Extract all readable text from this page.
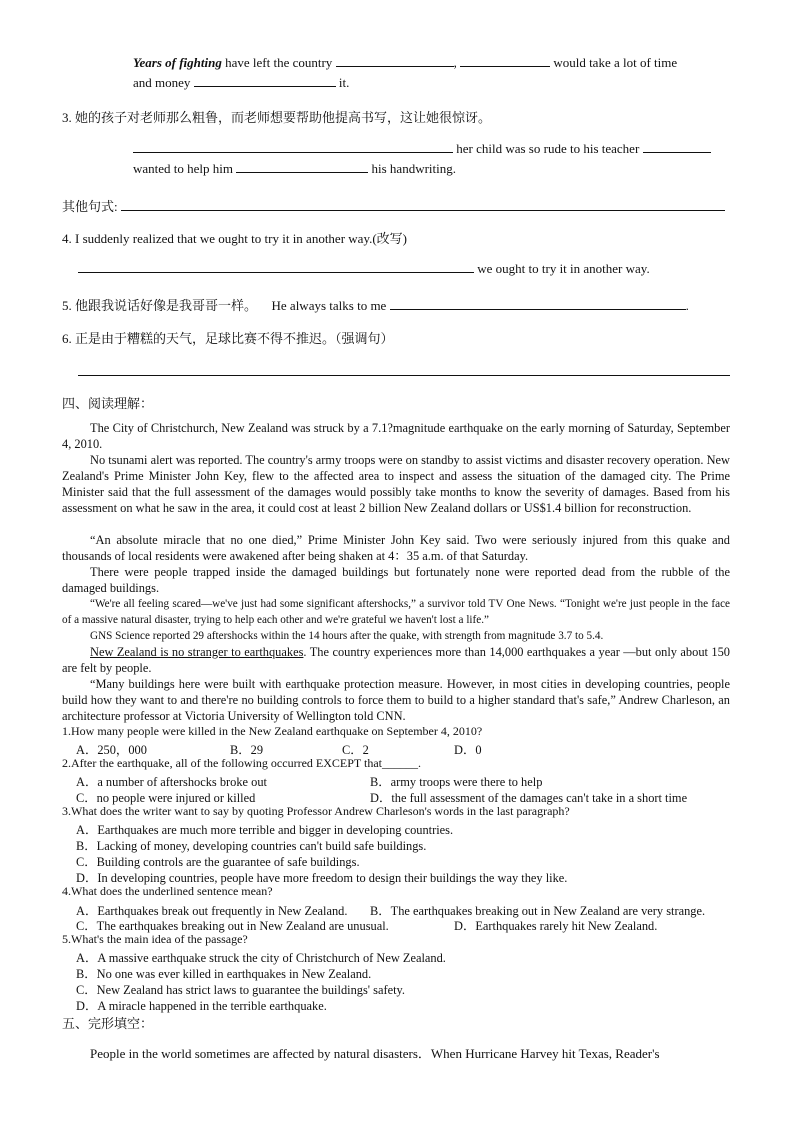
Years of fighting have left the country	,	would take a lot of time
and money	it.
3. 她的孩子对老师那么粗鲁，而老师想要帮助他提高书写，这让她很惊讶。
her child was so rude to his teacher
wanted to help him	his handwriting.
其他句式:
4. I suddenly realized that we ought to try it in another way.(改写)
we ought to try it in another way.
5. 他跟我说话好像是我哥哥一样。 He always talks to me	.
6. 正是由于糟糕的天气，足球比赛不得不推迟。（强调句）
四、阅读理解：
The City of Christchurch, New Zealand was struck by a 7.1?magnitude earthquake on the early morning of Saturday, September 4, 2010.
No tsunami alert was reported. The country's army troops were on standby to assist victims and disaster recovery operation. New Zealand's Prime Minister John Key, flew to the affected area to inspect and assess the situation of the damaged city. The Prime Minister said that the full assessment of the damages would possibly take months to know the severity of damages. Based from his assessment on what he saw in the area, it could cost at least 2 billion New Zealand dollars or US$1.4 billion for reconstruction.
“An absolute miracle that no one died,” Prime Minister John Key said. Two were seriously injured from this quake and thousands of local residents were awakened after being shaken at 4：35 a.m. of that Saturday.
There were people trapped inside the damaged buildings but fortunately none were reported dead from the rubble of the damaged buildings.
“We're all feeling scared—we've just had some significant aftershocks,” a survivor told TV One News. “Tonight we're just people in the face of a massive natural disaster, trying to help each other and we're grateful we haven't lost a life.”
GNS Science reported 29 aftershocks within the 14 hours after the quake, with strength from magnitude 3.7 to 5.4.
New Zealand is no stranger to earthquakes. The country experiences more than 14,000 earthquakes a year —but only about 150 are felt by people.
“Many buildings here were built with earthquake protection measure. However, in most cities in developing countries, people build how they want to and there're no building controls to force them to build to a higher standard that's safe,” Andrew Charleson, an architecture professor at Victoria University of Wellington told CNN.
1.How many people were killed in the New Zealand earthquake on September 4, 2010?
A．250，000	B．29	C．2	D．0
2.After the earthquake, all of the following occurred EXCEPT that______.
A．a number of aftershocks broke out	B．army troops were there to help
C．no people were injured or killed	D．the full assessment of the damages can't take in a short time
3.What does the writer want to say by quoting Professor Andrew Charleson's words in the last paragraph?
A．Earthquakes are much more terrible and bigger in developing countries.
B．Lacking of money, developing countries can't build safe buildings.
C．Building controls are the guarantee of safe buildings.
D．In developing countries, people have more freedom to design their buildings the way they like.
4.What does the underlined sentence mean?
A．Earthquakes break out frequently in New Zealand. B．The earthquakes breaking out in New Zealand are very strange.
C．The earthquakes breaking out in New Zealand are unusual.	D．Earthquakes rarely hit New Zealand.
5.What's the main idea of the passage?
A．A massive earthquake struck the city of Christchurch of New Zealand.
B．No one was ever killed in earthquakes in New Zealand.
C．New Zealand has strict laws to guarantee the buildings' safety.
D．A miracle happened in the terrible earthquake.
五、完形填空：
People in the world sometimes are affected by natural disasters．When Hurricane Harvey hit Texas, Reader's
